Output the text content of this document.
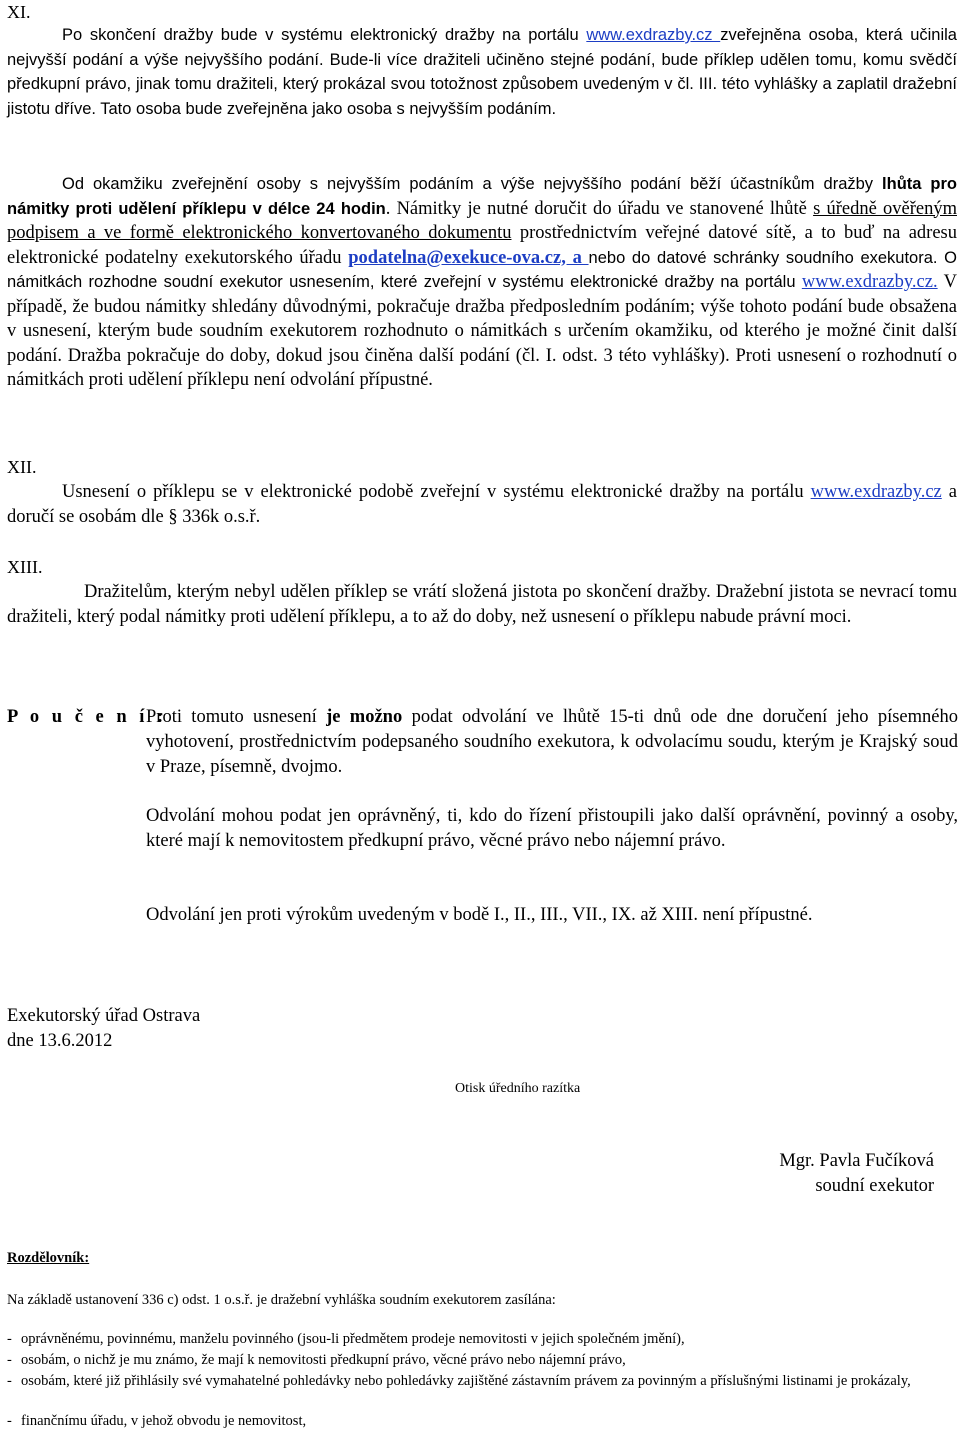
XI.
Po skončení dražby bude v systému elektronický dražby na portálu www.exdrazby.cz zveřejněna osoba, která učinila nejvyšší podání a výše nejvyššího podání. Bude-li více dražiteli učiněno stejné podání, bude příklep udělen tomu, komu svědčí předkupní právo, jinak tomu dražiteli, který prokázal svou totožnost způsobem uvedeným v čl. III. této vyhlášky a zaplatil dražební jistotu dříve. Tato osoba bude zveřejněna jako osoba s nejvyšším podáním.
Od okamžiku zveřejnění osoby s nejvyšším podáním a výše nejvyššího podání běží účastníkům dražby lhůta pro námitky proti udělení příklepu v délce 24 hodin. Námitky je nutné doručit do úřadu ve stanovené lhůtě s úředně ověřeným podpisem a ve formě elektronického konvertovaného dokumentu prostřednictvím veřejné datové sítě, a to buď na adresu elektronické podatelny exekutorského úřadu podatelna@exekuce-ova.cz, a nebo do datové schránky soudního exekutora. O námitkách rozhodne soudní exekutor usnesením, které zveřejní v systému elektronické dražby na portálu www.exdrazby.cz. V případě, že budou námitky shledány důvodnými, pokračuje dražba předposledním podáním; výše tohoto podání bude obsažena v usnesení, kterým bude soudním exekutorem rozhodnuto o námitkách s určením okamžiku, od kterého je možné činit další podání. Dražba pokračuje do doby, dokud jsou činěna další podání (čl. I. odst. 3 této vyhlášky). Proti usnesení o rozhodnutí o námitkách proti udělení příklepu není odvolání přípustné.
XII.
Usnesení o příklepu se v elektronické podobě zveřejní v systému elektronické dražby na portálu www.exdrazby.cz a doručí se osobám dle § 336k o.s.ř.
XIII.
Dražitelům, kterým nebyl udělen příklep se vrátí složená jistota po skončení dražby. Dražební jistota se nevrací tomu dražiteli, který podal námitky proti udělení příklepu, a to až do doby, než usnesení o příklepu nabude právní moci.
P o u č e n í :
Proti tomuto usnesení je možno podat odvolání ve lhůtě 15-ti dnů ode dne doručení jeho písemného vyhotovení, prostřednictvím podepsaného soudního exekutora, k odvolacímu soudu, kterým je Krajský soud v Praze, písemně, dvojmo.
Odvolání mohou podat jen oprávněný, ti, kdo do řízení přistoupili jako další oprávnění, povinný a osoby, které mají k nemovitostem předkupní právo, věcné právo nebo nájemní právo.
Odvolání jen proti výrokům uvedeným v bodě I., II., III., VII., IX. až XIII. není přípustné.
Exekutorský úřad Ostrava
dne 13.6.2012
Otisk úředního razítka
Mgr. Pavla Fučíková
soudní exekutor
Rozdělovník:
Na základě ustanovení 336 c) odst. 1 o.s.ř. je dražební vyhláška soudním exekutorem zasílána:
- oprávněnému, povinnému, manželu povinného (jsou-li předmětem prodeje nemovitosti v jejich společném jmění),
- osobám, o nichž je mu známo, že mají k nemovitosti předkupní právo, věcné právo nebo nájemní právo,
- osobám, které již přihlásily své vymahatelné pohledávky nebo pohledávky zajištěné zástavním právem za povinným a příslušnými listinami je prokázaly,
- finančnímu úřadu, v jehož obvodu je nemovitost,
